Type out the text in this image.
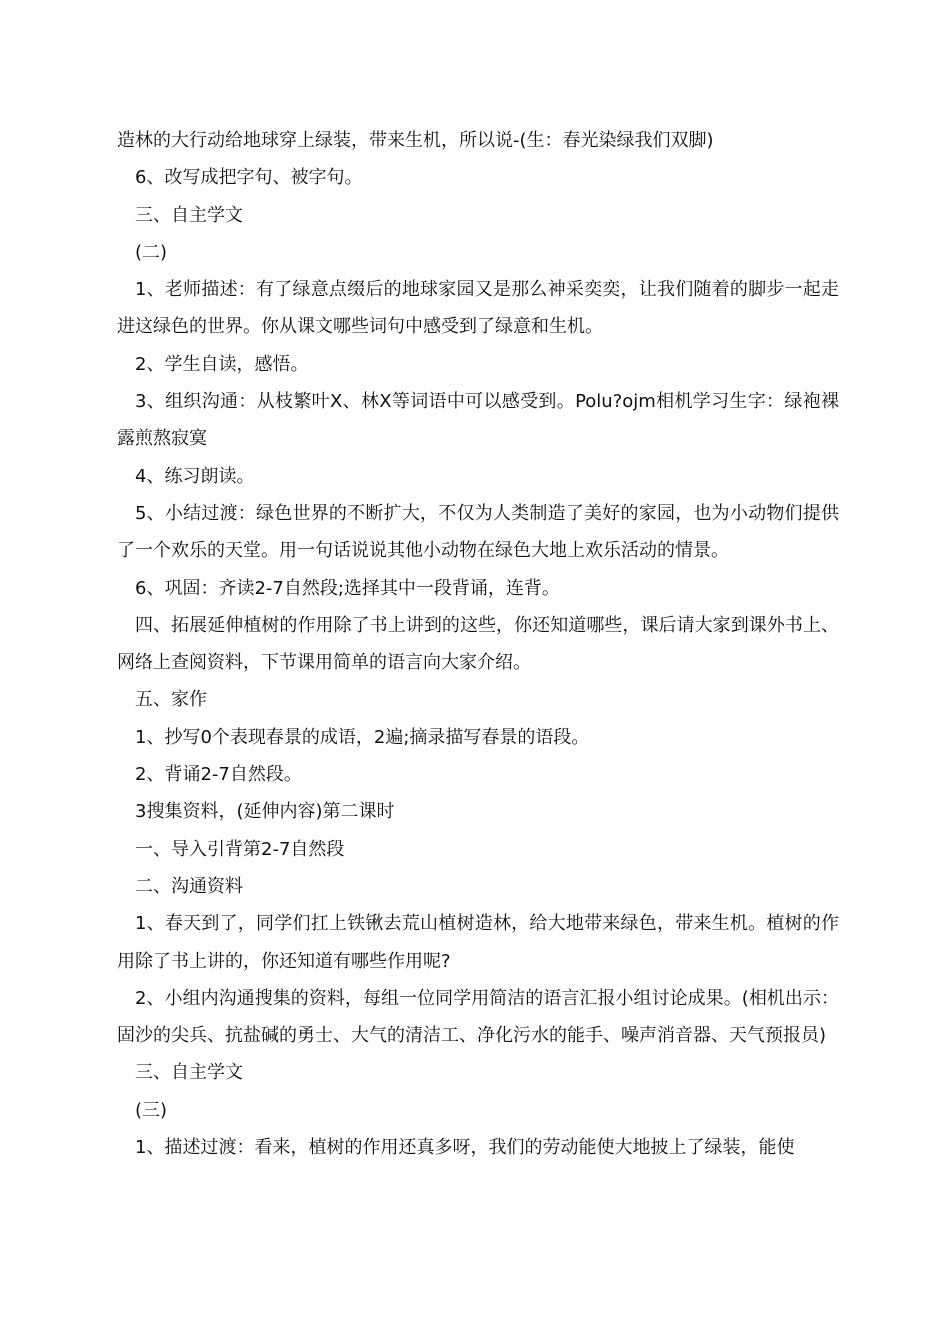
造林的大行动给地球穿上绿装，带来生机，所以说-(生：春光染绿我们双脚)

6、改写成把字句、被字句。

三、自主学文

(二)

1、老师描述：有了绿意点缀后的地球家园又是那么神采奕奕，让我们随着的脚步一起走进这绿色的世界。你从课文哪些词句中感受到了绿意和生机。

2、学生自读，感悟。

3、组织沟通：从枝繁叶X、林X等词语中可以感受到。Polu?ojm相机学习生字：绿袍裸露煎熬寂寞

4、练习朗读。

5、小结过渡：绿色世界的不断扩大，不仅为人类制造了美好的家园，也为小动物们提供了一个欢乐的天堂。用一句话说说其他小动物在绿色大地上欢乐活动的情景。

6、巩固：齐读2-7自然段;选择其中一段背诵，连背。

四、拓展延伸植树的作用除了书上讲到的这些，你还知道哪些，课后请大家到课外书上、网络上查阅资料，下节课用简单的语言向大家介绍。

五、家作

1、抄写0个表现春景的成语，2遍;摘录描写春景的语段。

2、背诵2-7自然段。

3搜集资料，(延伸内容)第二课时

一、导入引背第2-7自然段

二、沟通资料

1、春天到了，同学们扛上铁锹去荒山植树造林，给大地带来绿色，带来生机。植树的作用除了书上讲的，你还知道有哪些作用呢?

2、小组内沟通搜集的资料，每组一位同学用简洁的语言汇报小组讨论成果。(相机出示：固沙的尖兵、抗盐碱的勇士、大气的清洁工、净化污水的能手、噪声消音器、天气预报员)

三、自主学文

(三)

1、描述过渡：看来，植树的作用还真多呀，我们的劳动能使大地披上了绿装，能使
